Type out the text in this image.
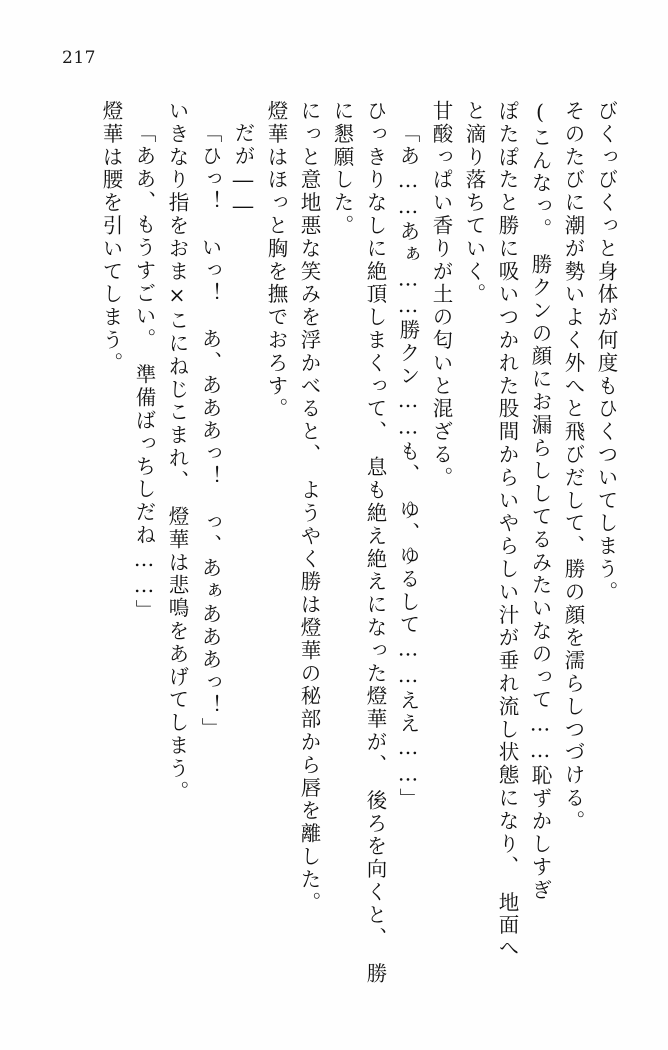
217
びくっびくっと身体が何度もひくついてしまう。
そのたびに潮が勢いよく外へと飛びだして、勝の顔を濡らしつづける。
(こんなっ。　勝クンの顔にお漏らししてるみたいなのって……恥ずかしすぎ
ぽたぽたと勝に吸いつかれた股間からいやらしい汁が垂れ流し状態になり、　地面へ
と滴り落ちていく。
甘酸っぱい香りが土の匂いと混ざる。
「あ……あぁ……勝クン……も、　ゆ、ゆるして……ええ……」
ひっきりなしに絶頂しまくって、　息も絶え絶えになった燈華が、　後ろを向くと、　勝
に懇願した。
にっと意地悪な笑みを浮かべると、　ようやく勝は燈華の秘部から唇を離した。
燈華はほっと胸を撫でおろす。
だが――
「ひっ！　いっ！　あ、あああっ！　っ、あぁあああっ！」
いきなり指をおま×こにねじこまれ、　燈華は悲鳴をあげてしまう。
「ああ、もうすごい。　準備ばっちしだね……」
燈華は腰を引いてしまう。
